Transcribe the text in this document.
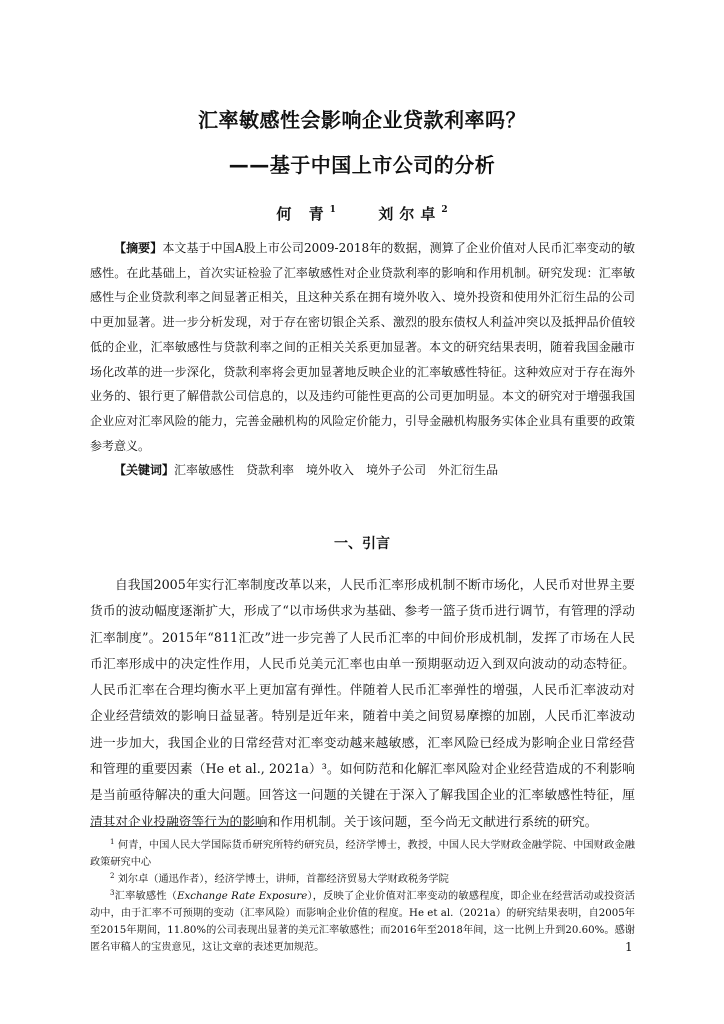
汇率敏感性会影响企业贷款利率吗？
——基于中国上市公司的分析
何 青$^1$	刘尔卓$^2$
【摘要】本文基于中国A股上市公司2009-2018年的数据，测算了企业价值对人民币汇率变动的敏感性。在此基础上，首次实证检验了汇率敏感性对企业贷款利率的影响和作用机制。研究发现：汇率敏感性与企业贷款利率之间显著正相关，且这种关系在拥有境外收入、境外投资和使用外汇衍生品的公司中更加显著。进一步分析发现，对于存在密切银企关系、激烈的股东债权人利益冲突以及抵押品价值较低的企业，汇率敏感性与贷款利率之间的正相关关系更加显著。本文的研究结果表明，随着我国金融市场化改革的进一步深化，贷款利率将会更加显著地反映企业的汇率敏感性特征。这种效应对于存在海外业务的、银行更了解借款公司信息的，以及违约可能性更高的公司更加明显。本文的研究对于增强我国企业应对汇率风险的能力，完善金融机构的风险定价能力，引导金融机构服务实体企业具有重要的政策参考意义。
【关键词】汇率敏感性 贷款利率 境外收入 境外子公司 外汇衍生品
一、引言
自我国2005年实行汇率制度改革以来，人民币汇率形成机制不断市场化，人民币对世界主要货币的波动幅度逐渐扩大，形成了“以市场供求为基础、参考一篮子货币进行调节，有管理的浮动汇率制度”。2015年“811汇改”进一步完善了人民币汇率的中间价形成机制，发挥了市场在人民币汇率形成中的决定性作用，人民币兑美元汇率也由单一预期驱动迈入到双向波动的动态特征。人民币汇率在合理均衡水平上更加富有弹性。伴随着人民币汇率弹性的增强，人民币汇率波动对企业经营绩效的影响日益显著。特别是近年来，随着中美之间贸易摩擦的加剧，人民币汇率波动进一步加大，我国企业的日常经营对汇率变动越来越敏感，汇率风险已经成为影响企业日常经营和管理的重要因素（He et al., 2021a）³。如何防范和化解汇率风险对企业经营造成的不利影响是当前亟待解决的重大问题。回答这一问题的关键在于深入了解我国企业的汇率敏感性特征，厘清其对企业投融资等行为的影响和作用机制。关于该问题，至今尚无文献进行系统的研究。
$^1$ 何青，中国人民大学国际货币研究所特约研究员，经济学博士，教授，中国人民大学财政金融学院、中国财政金融政策研究中心
$^2$ 刘尔卓（通迅作者），经济学博士，讲师，首都经济贸易大学财政税务学院
$^3$汇率敏感性（Exchange Rate Exposure），反映了企业价值对汇率变动的敏感程度，即企业在经营活动或投资活动中，由于汇率不可预期的变动（汇率风险）而影响企业价值的程度。He et al.（2021a）的研究结果表明，自2005年至2015年期间，11.80%的公司表现出显著的美元汇率敏感性；而2016年至2018年间，这一比例上升到20.60%。感谢匿名审稿人的宝贵意见，这让文章的表述更加规范。	1
